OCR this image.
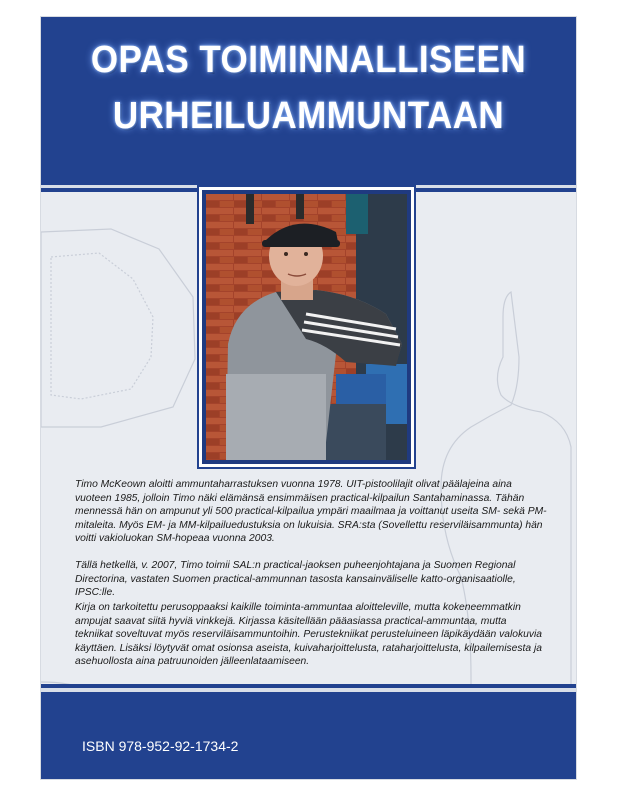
OPAS TOIMINNALLISEEN
URHEILUAMMUNTAAN
Timo McKeown aloitti ammuntaharrastuksen vuonna 1978. UIT-pistoolilajit olivat päälajeina aina vuoteen 1985, jolloin Timo näki elämänsä ensimmäisen practical-kilpailun Santahaminassa. Tähän mennessä hän on ampunut yli 500 practical-kilpailua ympäri maailmaa ja voittanut useita SM- sekä PM-mitaleita. Myös EM- ja MM-kilpailuedustuksia on lukuisia. SRA:sta (Sovellettu reserviläisammunta) hän voitti vakioluokan SM-hopeaa vuonna 2003.
Tällä hetkellä, v. 2007, Timo toimii SAL:n practical-jaoksen puheenjohtajana ja Suomen Regional Directorina, vastaten Suomen practical-ammunnan tasosta kansainväliselle katto-organisaatiolle, IPSC:lle.
Kirja on tarkoitettu perusoppaaksi kaikille toiminta-ammuntaa aloitteleville, mutta kokeneemmatkin ampujat saavat siitä hyviä vinkkejä. Kirjassa käsitellään pääasiassa practical-ammuntaa, mutta tekniikat soveltuvat myös reserviläisammuntoihin. Perustekniikat perusteluineen läpikäydään valokuvia käyttäen. Lisäksi löytyvät omat osionsa aseista, kuivaharjoittelusta, rataharjoittelusta, kilpailemisesta ja asehuollosta aina patruunoiden jälleenlataamiseen.
ISBN 978-952-92-1734-2
